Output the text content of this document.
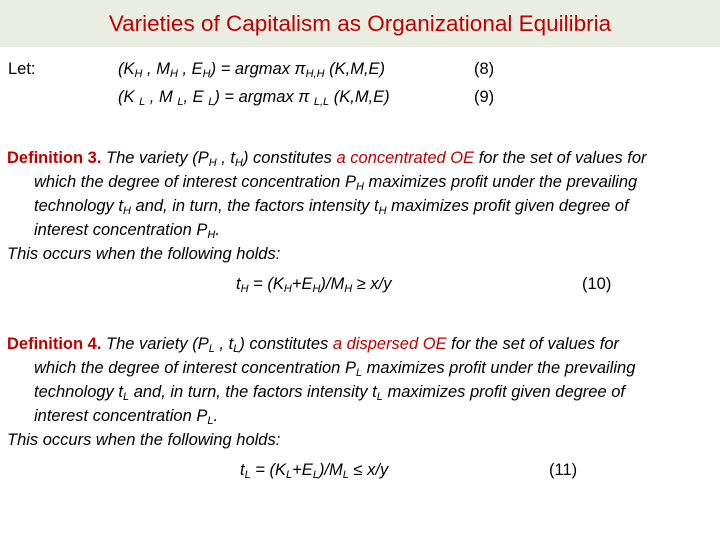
Varieties of Capitalism as Organizational Equilibria
Let:	($K_H$ , $M_H$ , $E_H) = argmax$ $\pi_{H,H}$ (K,M,E)	(8)
(K $_L$ , M $_L$, E $_L$) = argmax π $_{L,L}$ (K,M,E)	(9)
Definition 3. The variety ($P_H$ , $t_H$) constitutes a concentrated OE for the set of values for
which the degree of interest concentration $P_H$ maximizes profit under the prevailing
technology $t_H$ and, in turn, the factors intensity $t_H$ maximizes profit given degree of
interest concentration $P_H$.
This occurs when the following holds:
$t_H = (K_H+E_H)/M_H \ge x/y$	(10)
Definition 4. The variety ($P_L$ , $t_L$) constitutes a dispersed OE for the set of values for
which the degree of interest concentration $P_L$ maximizes profit under the prevailing
technology $t_L$ and, in turn, the factors intensity $t_L$ maximizes profit given degree of
interest concentration $P_L$.
This occurs when the following holds:
$t_L = (K_L+E_L)/M_L \le x/y$	(11)
